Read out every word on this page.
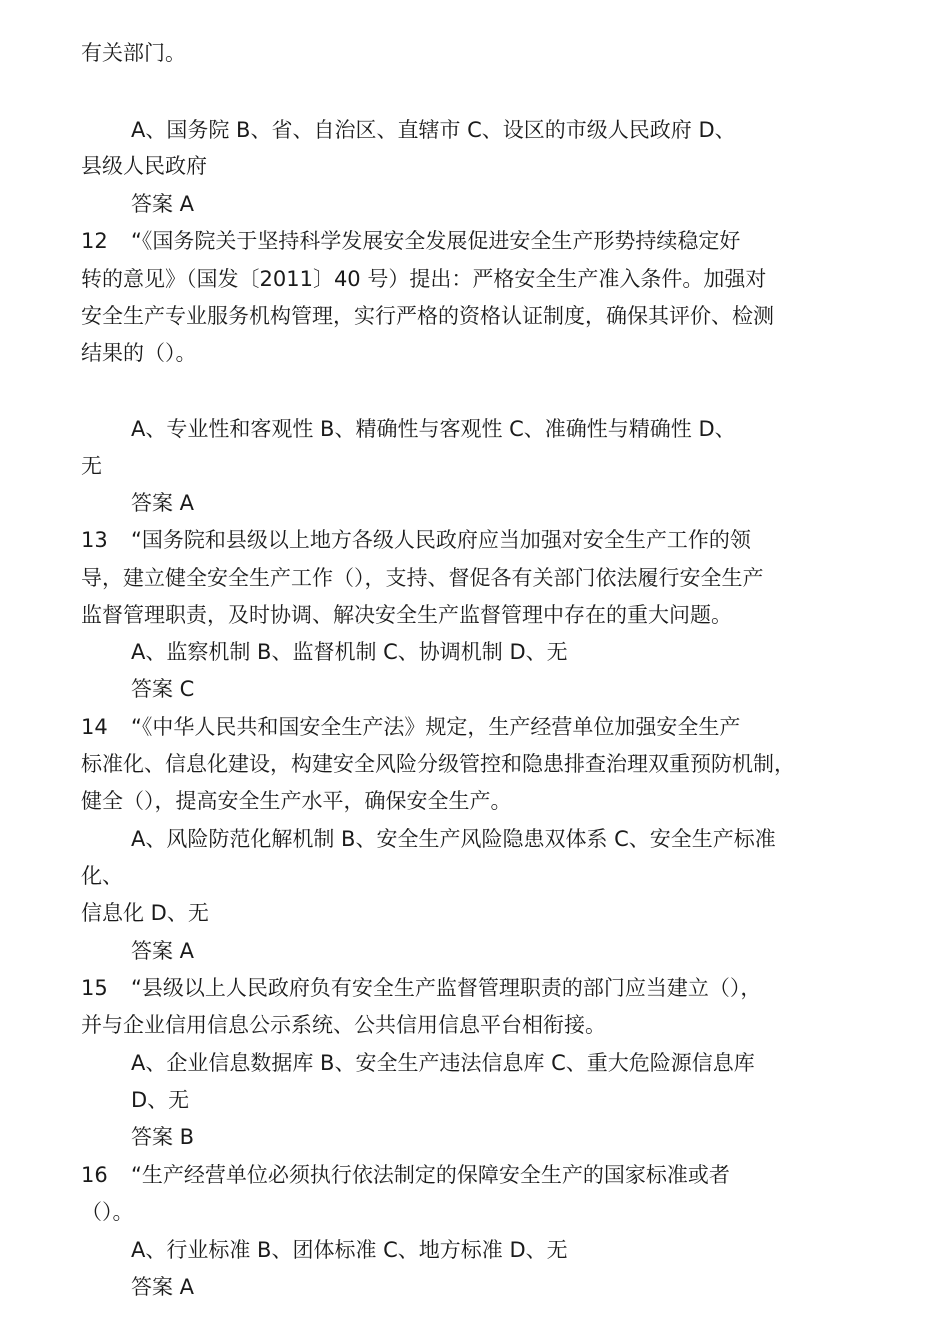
有关部门。
A、国务院 B、省、自治区、直辖市 C、设区的市级人民政府 D、
县级人民政府
答案 A
12 “《国务院关于坚持科学发展安全发展促进安全生产形势持续稳定好
转的意见》（国发〔2011〕40 号）提出：严格安全生产准入条件。加强对
安全生产专业服务机构管理，实行严格的资格认证制度，确保其评价、检测
结果的（）。
A、专业性和客观性 B、精确性与客观性 C、准确性与精确性 D、
无
答案 A
13 “国务院和县级以上地方各级人民政府应当加强对安全生产工作的领
导，建立健全安全生产工作（），支持、督促各有关部门依法履行安全生产
监督管理职责，及时协调、解决安全生产监督管理中存在的重大问题。
A、监察机制 B、监督机制 C、协调机制 D、无
答案 C
14 “《中华人民共和国安全生产法》规定，生产经营单位加强安全生产
标准化、信息化建设，构建安全风险分级管控和隐患排查治理双重预防机制，
健全（），提高安全生产水平，确保安全生产。
A、风险防范化解机制 B、安全生产风险隐患双体系 C、安全生产标准
化、
信息化 D、无
答案 A
15 “县级以上人民政府负有安全生产监督管理职责的部门应当建立（），
并与企业信用信息公示系统、公共信用信息平台相衔接。
A、企业信息数据库 B、安全生产违法信息库 C、重大危险源信息库
D、无
答案 B
16 “生产经营单位必须执行依法制定的保障安全生产的国家标准或者
（）。
A、行业标准 B、团体标准 C、地方标准 D、无
答案 A
